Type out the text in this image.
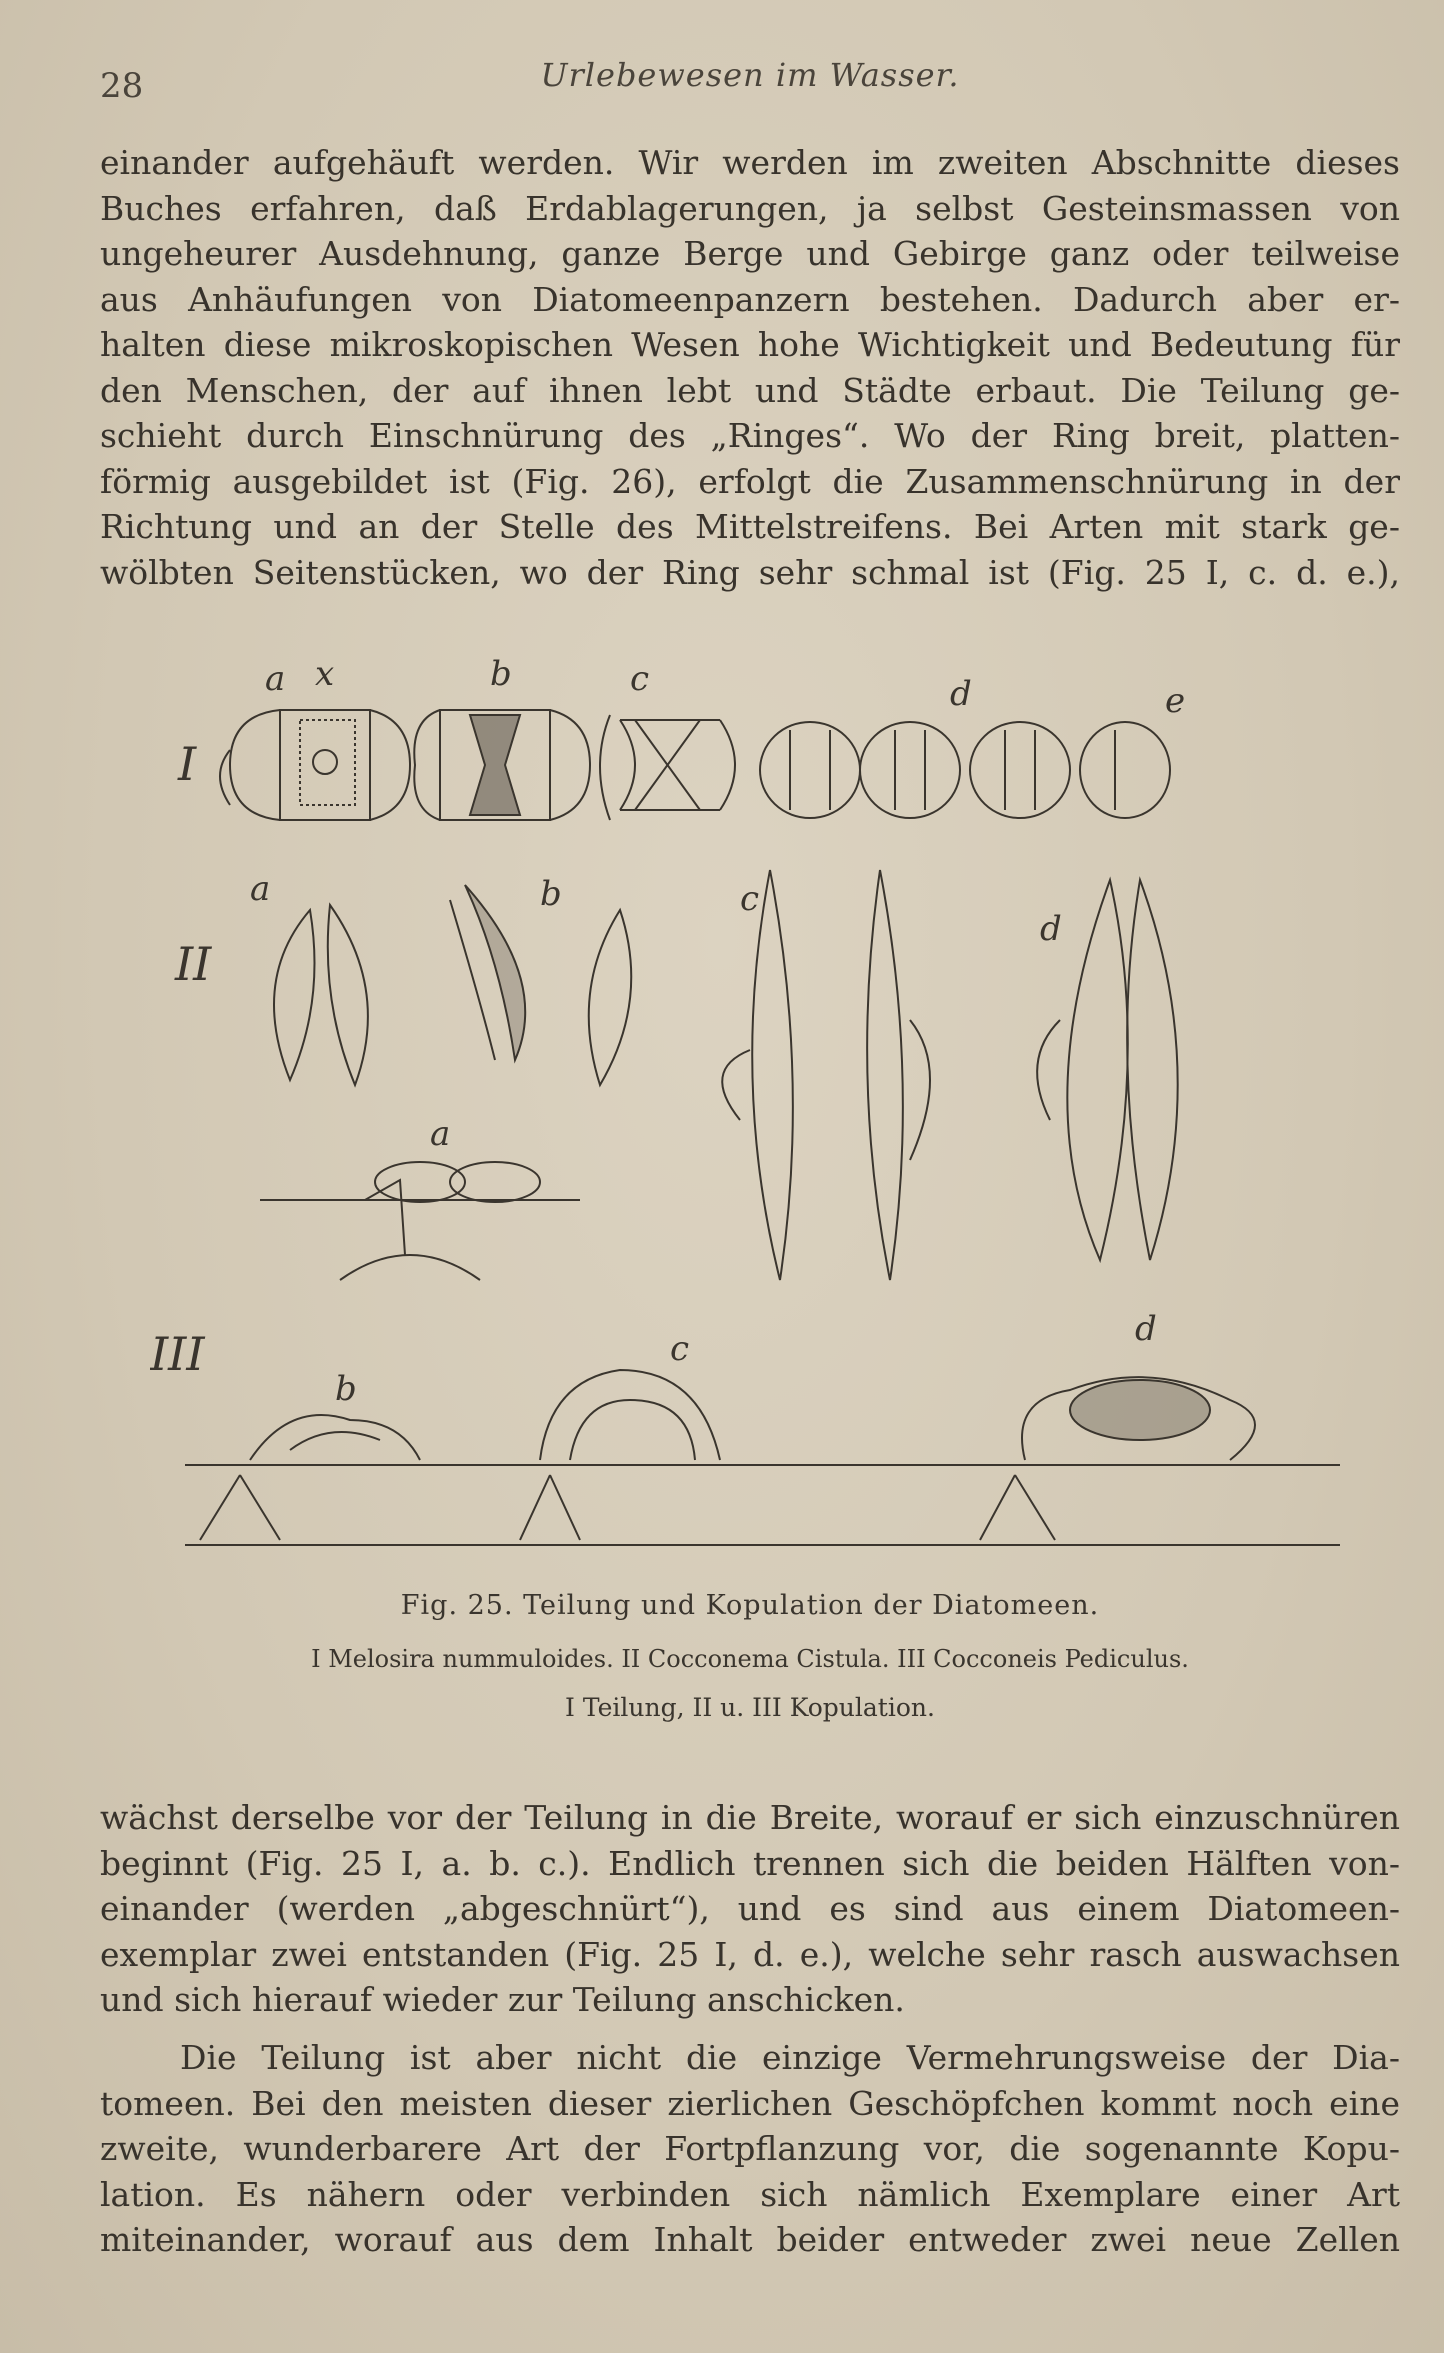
28	Urlebewesen im Wasser.
einander aufgehäuft werden. Wir werden im zweiten Abschnitte dieses
Buches erfahren, daß Erdablagerungen, ja selbst Gesteinsmassen von
ungeheurer Ausdehnung, ganze Berge und Gebirge ganz oder teilweise
aus Anhäufungen von Diatomeenpanzern bestehen. Dadurch aber er-
halten diese mikroskopischen Wesen hohe Wichtigkeit und Bedeutung für
den Menschen, der auf ihnen lebt und Städte erbaut. Die Teilung ge-
schieht durch Einschnürung des „Ringes“. Wo der Ring breit, platten-
förmig ausgebildet ist (Fig. 26), erfolgt die Zusammenschnürung in der
Richtung und an der Stelle des Mittelstreifens. Bei Arten mit stark ge-
wölbten Seitenstücken, wo der Ring sehr schmal ist (Fig. 25 I, c. d. e.),
I
II
III
a x	b	c	d	e
a	b	c
d
a
b
c	d
Fig. 25. Teilung und Kopulation der Diatomeen.
I Melosira nummuloides. II Cocconema Cistula. III Cocconeis Pediculus.
I Teilung, II u. III Kopulation.
wächst derselbe vor der Teilung in die Breite, worauf er sich einzuschnüren
beginnt (Fig. 25 I, a. b. c.). Endlich trennen sich die beiden Hälften von-
einander (werden „abgeschnürt“), und es sind aus einem Diatomeen-
exemplar zwei entstanden (Fig. 25 I, d. e.), welche sehr rasch auswachsen
und sich hierauf wieder zur Teilung anschicken.
Die Teilung ist aber nicht die einzige Vermehrungsweise der Dia-
tomeen. Bei den meisten dieser zierlichen Geschöpfchen kommt noch eine
zweite, wunderbarere Art der Fortpflanzung vor, die sogenannte Kopu-
lation. Es nähern oder verbinden sich nämlich Exemplare einer Art
miteinander, worauf aus dem Inhalt beider entweder zwei neue Zellen
